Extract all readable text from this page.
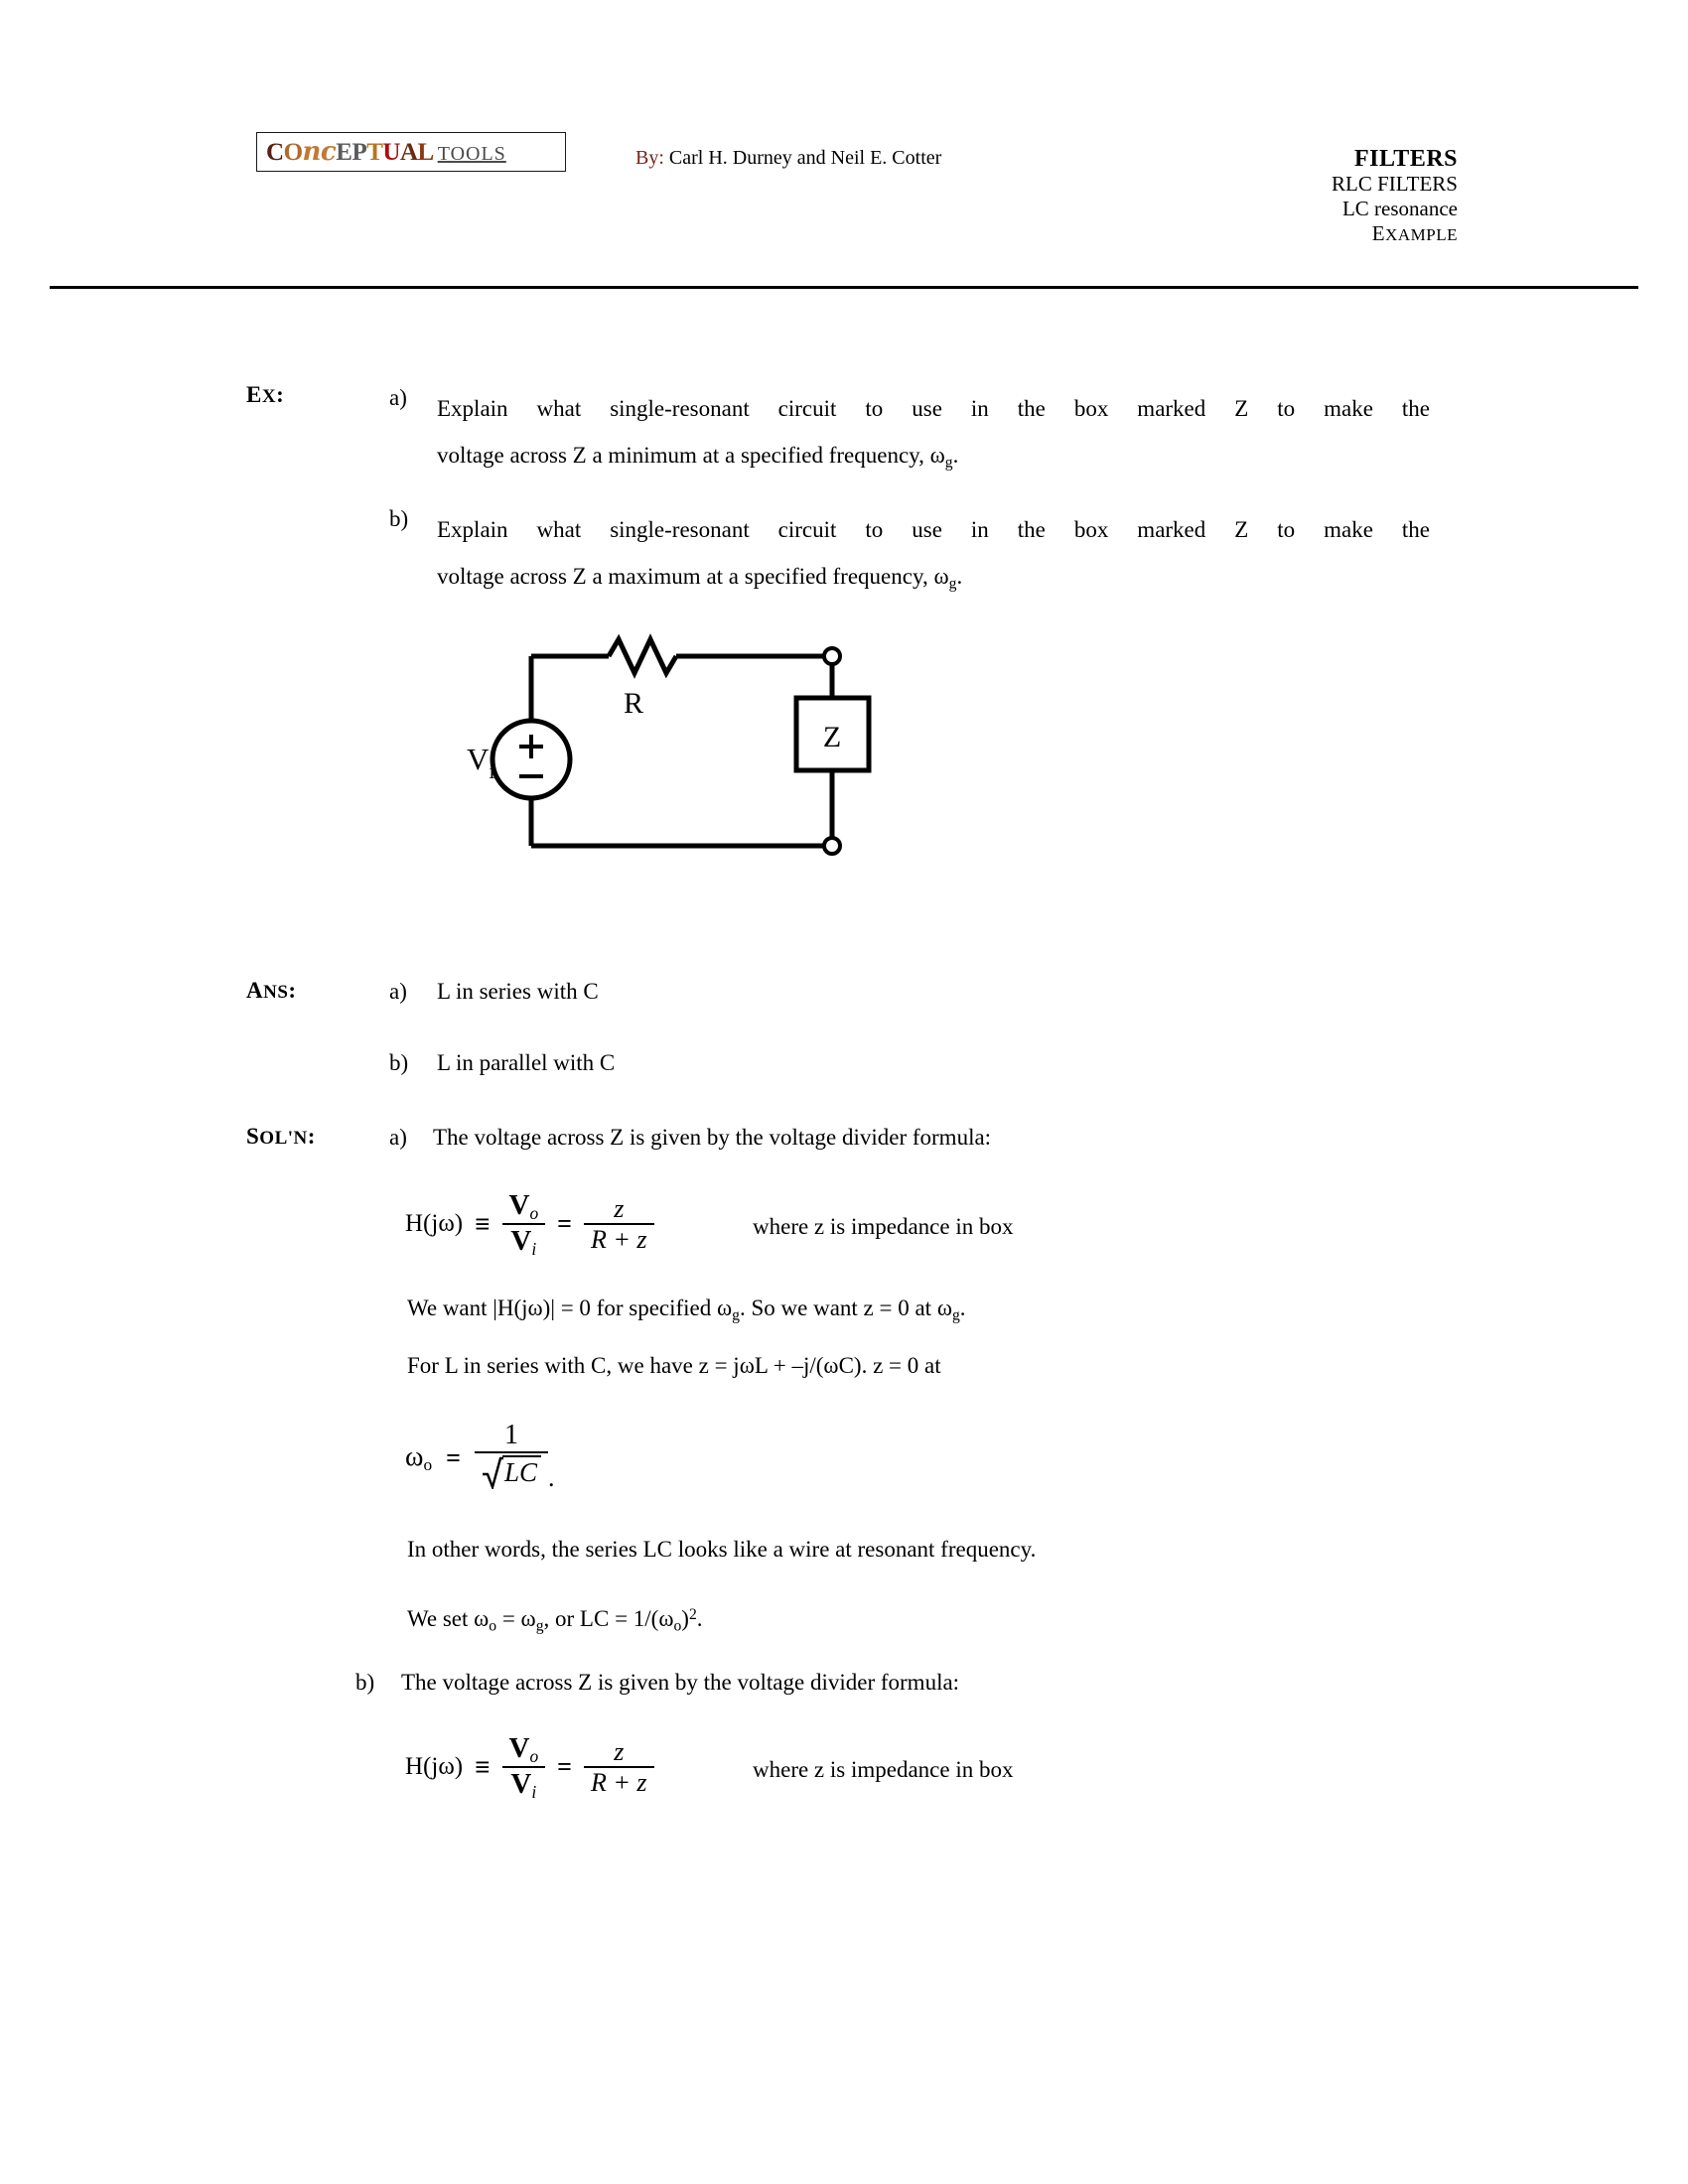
COncEPTUAL TOOLS	By: Carl H. Durney and Neil E. Cotter	FILTERS
RLC FILTERS
LC resonance
EXAMPLE
EX:	a) Explain what single-resonant circuit to use in the box marked Z to make the
voltage across Z a minimum at a specified frequency, $\omega_g$.
b) Explain what single-resonant circuit to use in the box marked Z to make the
voltage across Z a maximum at a specified frequency, $\omega_g$.
R
Z
$V_i$
ANS:	a) L in series with C
b) L in parallel with C
SOL'N:	a) The voltage across Z is given by the voltage divider formula:
$H(j\omega) \equiv \frac{V_o}{V_i} = \frac{z}{R + z}$	where z is impedance in box
We want |H(jω)| = 0 for specified $\omega_g$. So we want z = 0 at $\omega_g$.
For L in series with C, we have z = jωL + –j/(ωC). z = 0 at
$\omega_o = \frac{1}{LC}$ .
In other words, the series LC looks like a wire at resonant frequency.
We set $\omega_o = \omega_g$, or LC = $1/(\omega_o)^2$.
b) The voltage across Z is given by the voltage divider formula:
$H(j\omega) \equiv \frac{V_o}{V_i} = \frac{z}{R + z}$	where z is impedance in box
